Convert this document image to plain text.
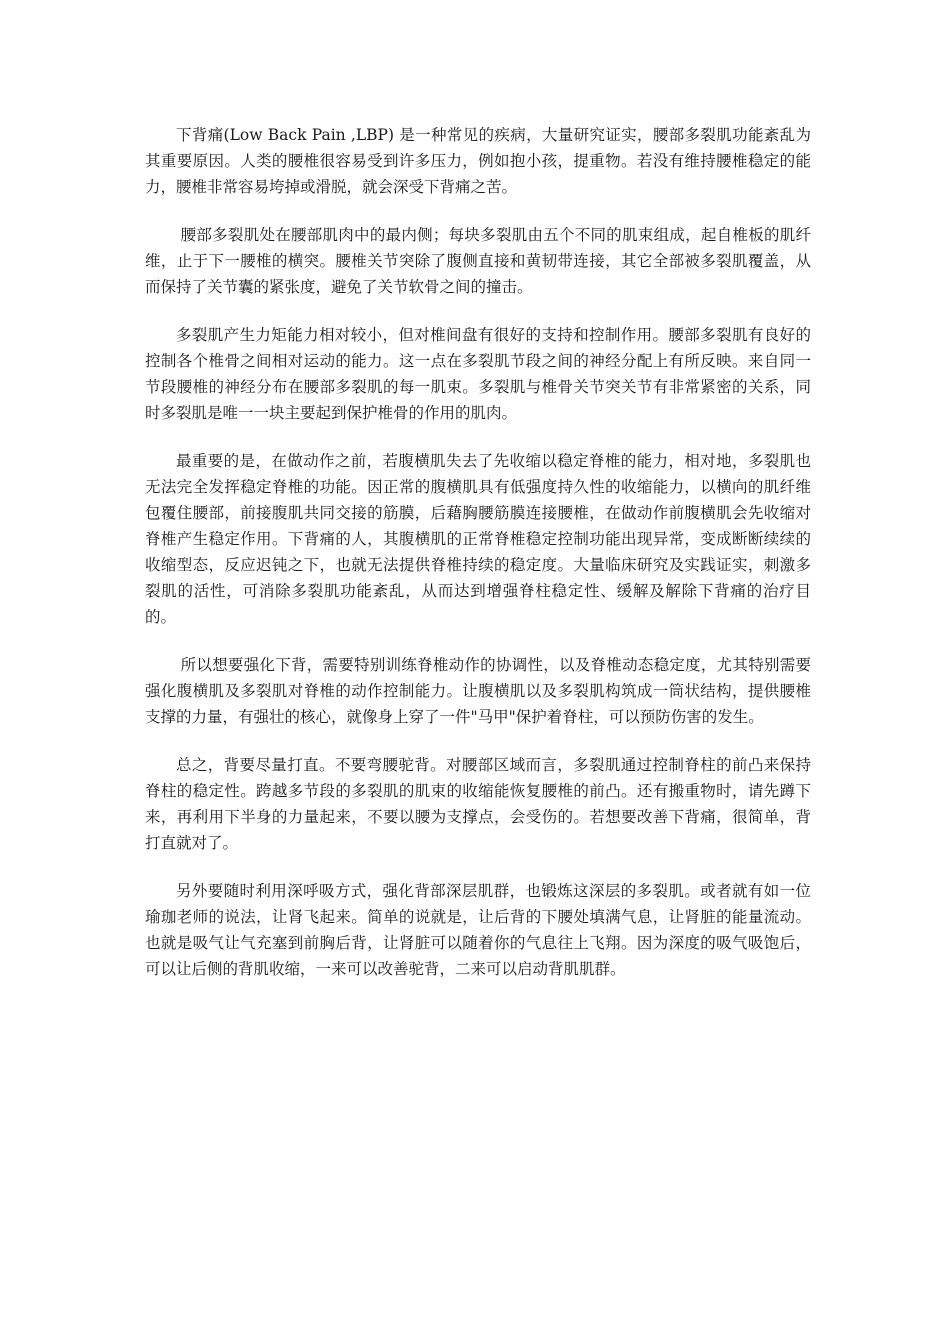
下背痛(Low Back Pain ,LBP) 是一种常见的疾病，大量研究证实，腰部多裂肌功能紊乱为其重要原因。人类的腰椎很容易受到许多压力，例如抱小孩，提重物。若没有维持腰椎稳定的能力，腰椎非常容易垮掉或滑脱，就会深受下背痛之苦。

腰部多裂肌处在腰部肌肉中的最内侧；每块多裂肌由五个不同的肌束组成，起自椎板的肌纤维，止于下一腰椎的横突。腰椎关节突除了腹侧直接和黄韧带连接，其它全部被多裂肌覆盖，从而保持了关节囊的紧张度，避免了关节软骨之间的撞击。

多裂肌产生力矩能力相对较小，但对椎间盘有很好的支持和控制作用。腰部多裂肌有良好的控制各个椎骨之间相对运动的能力。这一点在多裂肌节段之间的神经分配上有所反映。来自同一节段腰椎的神经分布在腰部多裂肌的每一肌束。多裂肌与椎骨关节突关节有非常紧密的关系，同时多裂肌是唯一一块主要起到保护椎骨的作用的肌肉。

最重要的是，在做动作之前，若腹横肌失去了先收缩以稳定脊椎的能力，相对地，多裂肌也无法完全发挥稳定脊椎的功能。因正常的腹横肌具有低强度持久性的收缩能力，以横向的肌纤维包覆住腰部，前接腹肌共同交接的筋膜，后藉胸腰筋膜连接腰椎，在做动作前腹横肌会先收缩对脊椎产生稳定作用。下背痛的人，其腹横肌的正常脊椎稳定控制功能出现异常，变成断断续续的收缩型态，反应迟钝之下，也就无法提供脊椎持续的稳定度。大量临床研究及实践证实，刺激多裂肌的活性，可消除多裂肌功能紊乱，从而达到增强脊柱稳定性、缓解及解除下背痛的治疗目的。

所以想要强化下背，需要特别训练脊椎动作的协调性，以及脊椎动态稳定度，尤其特别需要强化腹横肌及多裂肌对脊椎的动作控制能力。让腹横肌以及多裂肌构筑成一筒状结构，提供腰椎支撑的力量，有强壮的核心，就像身上穿了一件"马甲"保护着脊柱，可以预防伤害的发生。

总之，背要尽量打直。不要弯腰驼背。对腰部区域而言，多裂肌通过控制脊柱的前凸来保持脊柱的稳定性。跨越多节段的多裂肌的肌束的收缩能恢复腰椎的前凸。还有搬重物时，请先蹲下来，再利用下半身的力量起来，不要以腰为支撑点，会受伤的。若想要改善下背痛，很简单，背打直就对了。

另外要随时利用深呼吸方式，强化背部深层肌群，也锻炼这深层的多裂肌。或者就有如一位瑜珈老师的说法，让肾飞起来。简单的说就是，让后背的下腰处填满气息，让肾脏的能量流动。也就是吸气让气充塞到前胸后背，让肾脏可以随着你的气息往上飞翔。因为深度的吸气吸饱后，可以让后侧的背肌收缩，一来可以改善驼背，二来可以启动背肌肌群。
